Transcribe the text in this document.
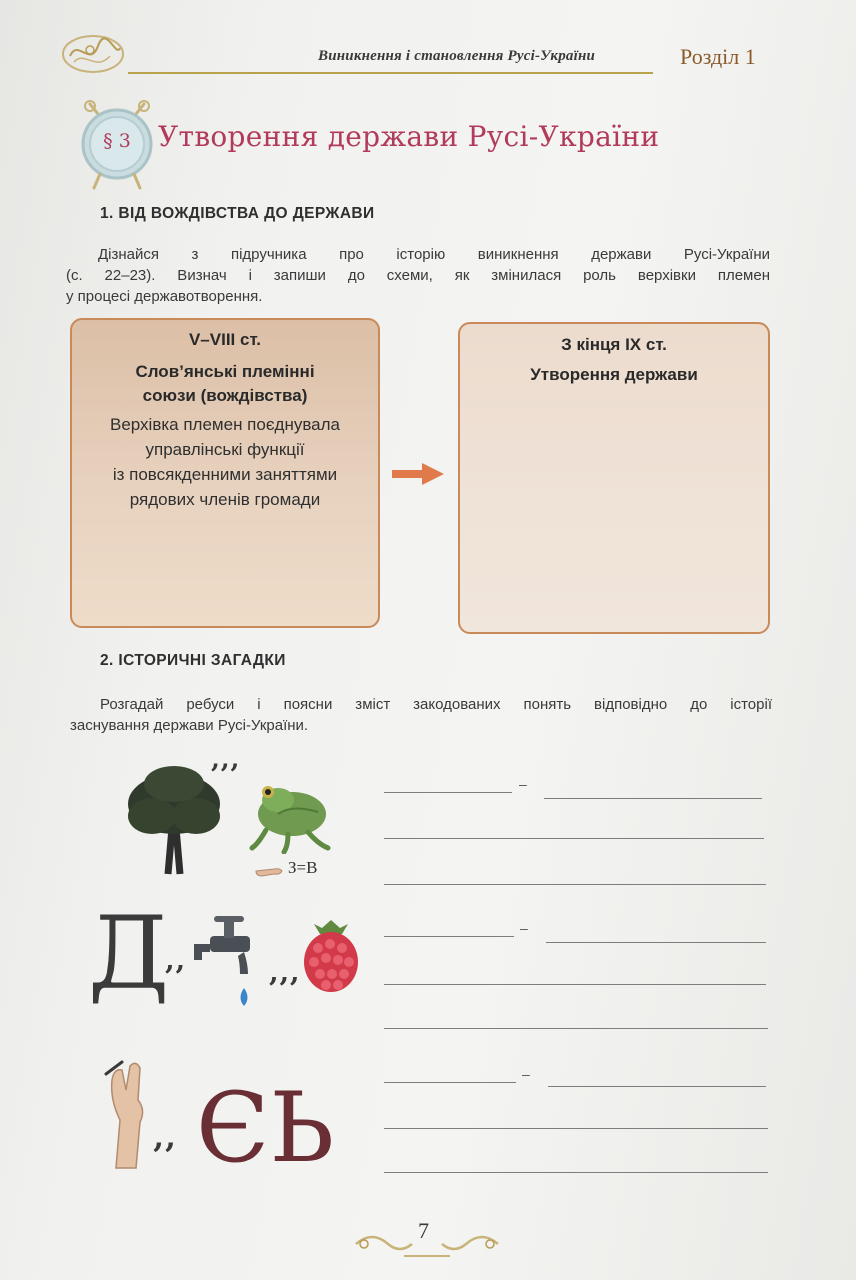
Виникнення і становлення Русі-України	Розділ 1
§ 3 Утворення держави Русі-України
1. ВІД ВОЖДІВСТВА ДО ДЕРЖАВИ
Дізнайся з підручника про історію виникнення держави Русі-України
(с. 22–23). Визнач і запиши до схеми, як змінилася роль верхівки племен
у процесі державотворення.
V–VIII ст.
Слов’янські племінні
союзи (вождівства)
Верхівка племен поєднувала
управлінські функції
із повсякденними заняттями
рядових членів громади
З кінця IX ст.
Утворення держави
2. ІСТОРИЧНІ ЗАГАДКИ
Розгадай ребуси і поясни зміст закодованих понять відповідно до історії
заснування держави Русі-України.
’’’
З=В
Д
’’	’’’
’’ ЄЬ
–
–
–
7
